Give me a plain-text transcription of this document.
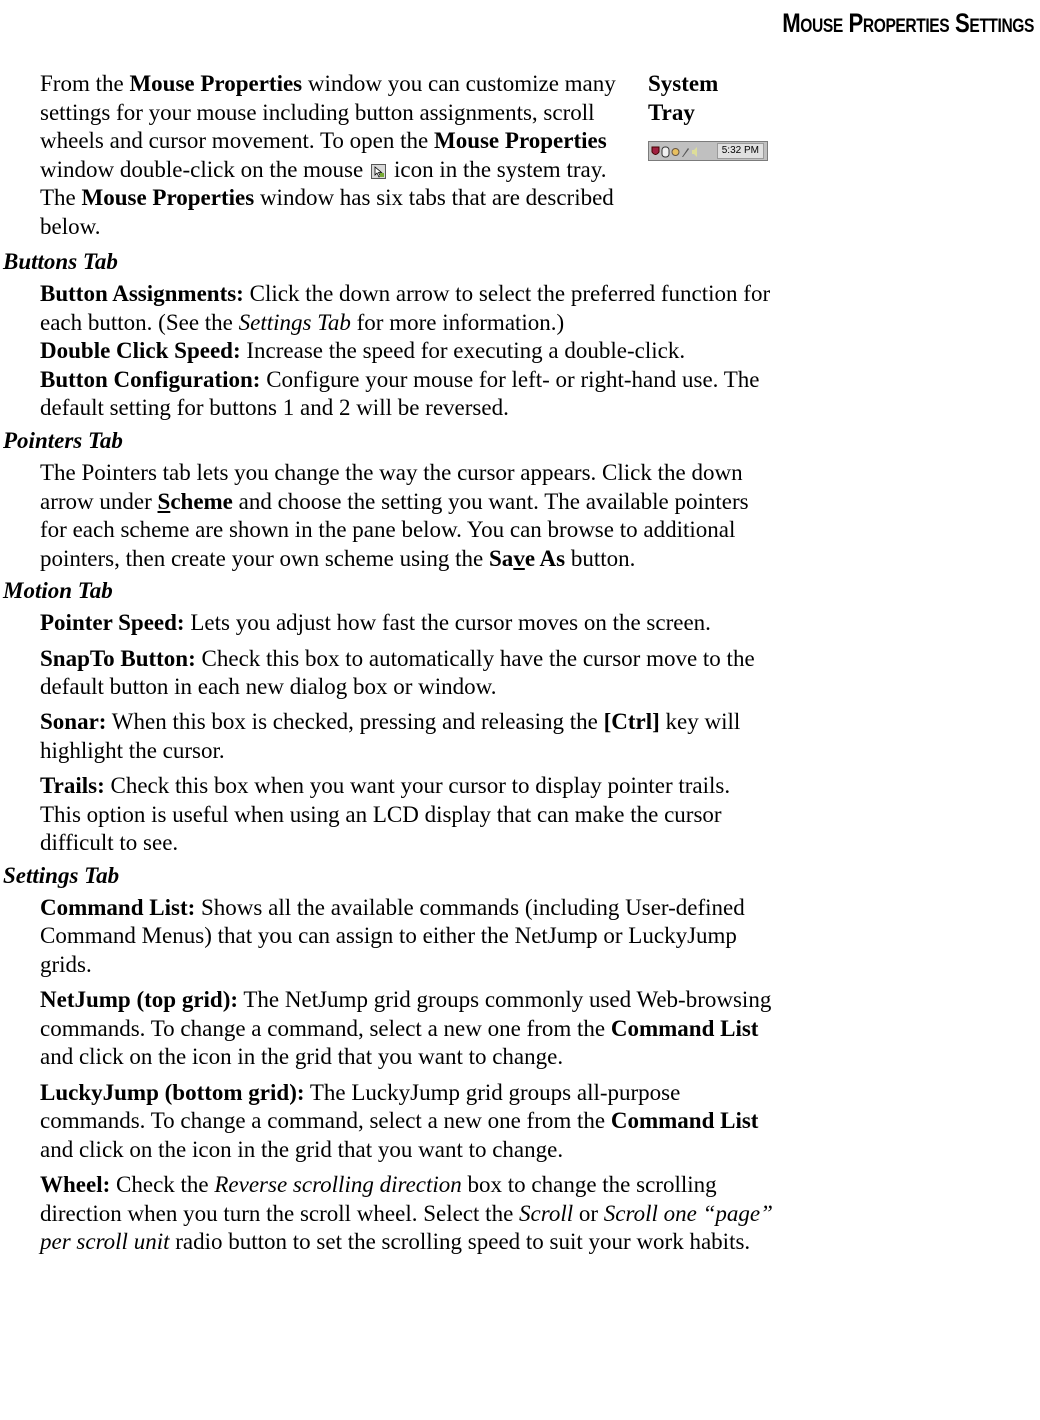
Mouse Properties Settings
From the Mouse Properties window you can customize many settings for your mouse including button assignments, scroll wheels and cursor movement. To open the Mouse Properties window double-click on the mouse icon in the system tray. The Mouse Properties window has six tabs that are described below.
System Tray
5:32 PM
Buttons Tab

Button Assignments: Click the down arrow to select the preferred function for each button. (See the Settings Tab for more information.)

Double Click Speed: Increase the speed for executing a double-click.

Button Configuration: Configure your mouse for left- or right-hand use. The default setting for buttons 1 and 2 will be reversed.

Pointers Tab

The Pointers tab lets you change the way the cursor appears. Click the down arrow under Scheme and choose the setting you want. The available pointers for each scheme are shown in the pane below. You can browse to additional pointers, then create your own scheme using the Save As button.

Motion Tab

Pointer Speed: Lets you adjust how fast the cursor moves on the screen.

SnapTo Button: Check this box to automatically have the cursor move to the default button in each new dialog box or window.

Sonar: When this box is checked, pressing and releasing the [Ctrl] key will highlight the cursor.

Trails: Check this box when you want your cursor to display pointer trails. This option is useful when using an LCD display that can make the cursor difficult to see.

Settings Tab

Command List: Shows all the available commands (including User-defined Command Menus) that you can assign to either the NetJump or LuckyJump grids.

NetJump (top grid): The NetJump grid groups commonly used Web-browsing commands. To change a command, select a new one from the Command List and click on the icon in the grid that you want to change.

LuckyJump (bottom grid): The LuckyJump grid groups all-purpose commands. To change a command, select a new one from the Command List and click on the icon in the grid that you want to change.

Wheel: Check the Reverse scrolling direction box to change the scrolling direction when you turn the scroll wheel. Select the Scroll or Scroll one “page” per scroll unit radio button to set the scrolling speed to suit your work habits.
